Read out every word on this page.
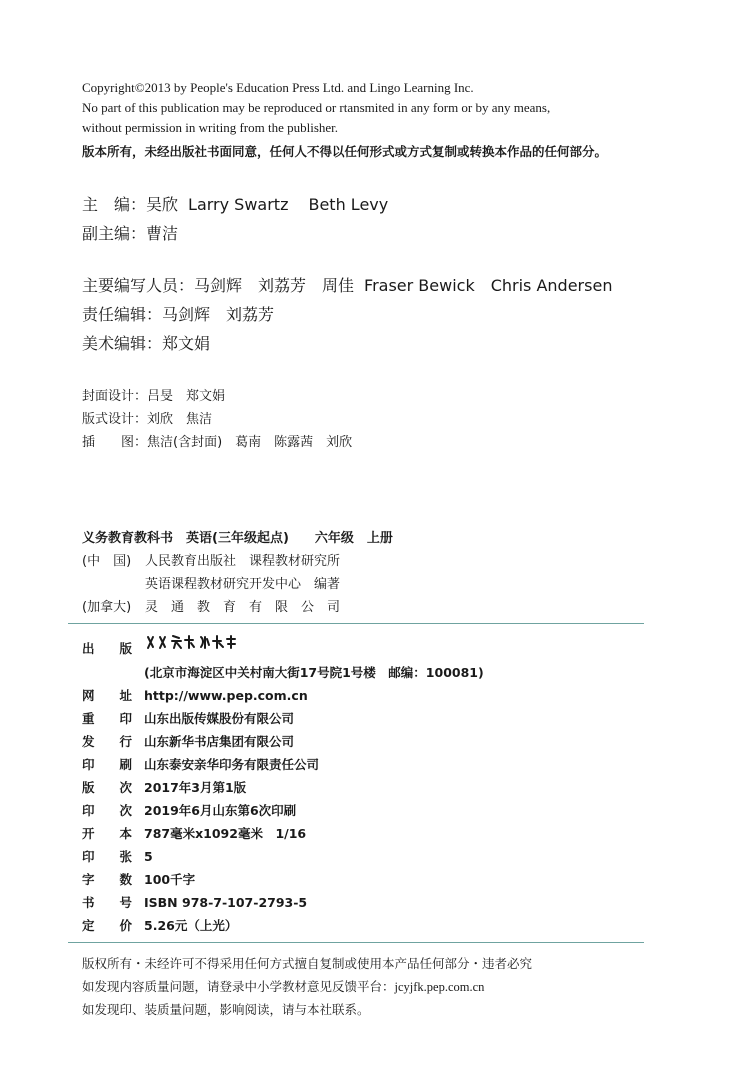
Copyright©2013 by People's Education Press Ltd. and Lingo Learning Inc.
No part of this publication may be reproduced or rtansmited in any form or by any means,
without permission in writing from the publisher.
版本所有，未经出版社书面同意，任何人不得以任何形式或方式复制或转换本作品的任何部分。
主　编：吴欣 Larry Swartz Beth Levy
副主编：曹洁
主要编写人员：马剑辉　刘荔芳　周佳 Fraser Bewick　Chris Andersen
责任编辑：马剑辉　刘荔芳
美术编辑：郑文娟
封面设计：吕旻　郑文娟
版式设计：刘欣　焦洁
插　　图：焦洁(含封面)　葛南　陈露茜　刘欣
义务教育教科书　英语(三年级起点)　　六年级　上册
(中　国) 人民教育出版社　课程教材研究所
英语课程教材研究开发中心　编著
(加拿大) 灵　通　教　育　有　限　公　司
出　　版
(北京市海淀区中关村南大街17号院1号楼　邮编：100081)
网　　址 http://www.pep.com.cn
重　　印 山东出版传媒股份有限公司
发　　行 山东新华书店集团有限公司
印　　刷 山东泰安亲华印务有限责任公司
版　　次 2017年3月第1版
印　　次 2019年6月山东第6次印刷
开　　本 787毫米x1092毫米　1/16
印　　张 5
字　　数 100千字
书　　号 ISBN 978-7-107-2793-5
定　　价 5.26元（上光）
版权所有・未经许可不得采用任何方式擅自复制或使用本产品任何部分・违者必究
如发现内容质量问题，请登录中小学教材意见反馈平台：jcyjfk.pep.com.cn
如发现印、装质量问题，影响阅读，请与本社联系。
